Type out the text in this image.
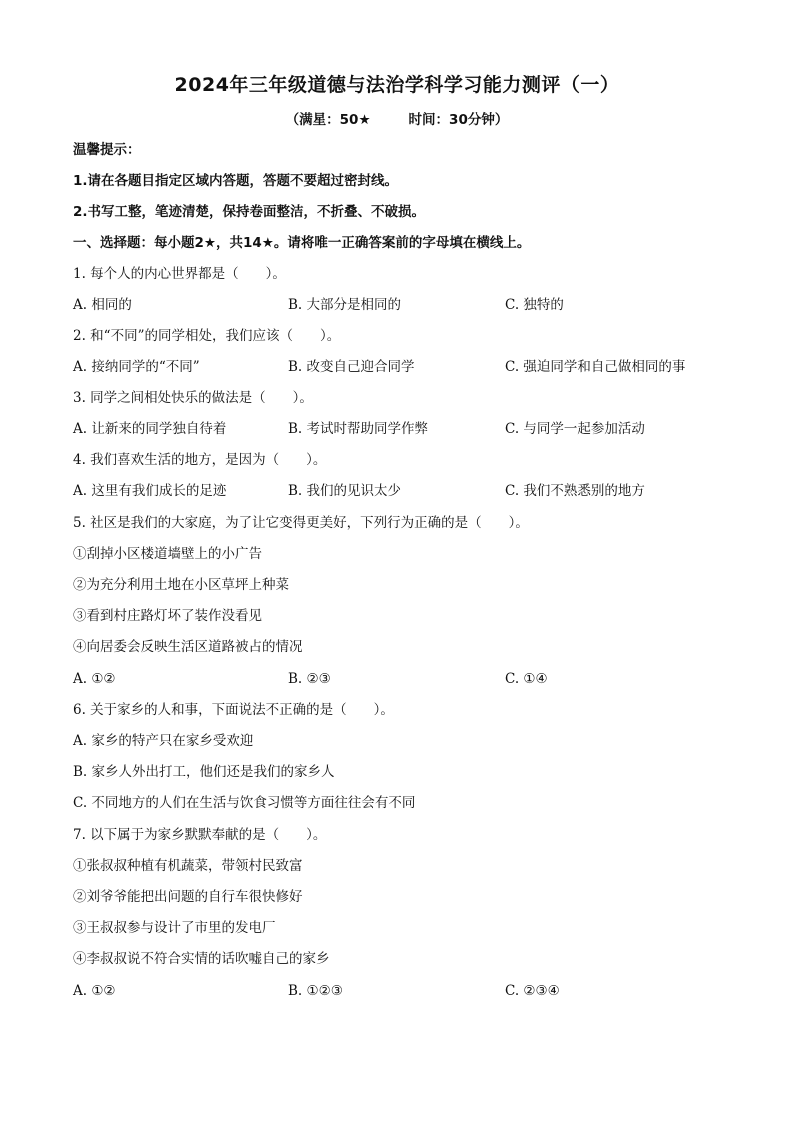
2024年三年级道德与法治学科学习能力测评（一）
（满星：50★	时间：30分钟）
温馨提示：
1.请在各题目指定区域内答题，答题不要超过密封线。
2.书写工整，笔迹清楚，保持卷面整洁，不折叠、不破损。
一、选择题：每小题2★，共14★。请将唯一正确答案前的字母填在横线上。
1. 每个人的内心世界都是（　　）。
A. 相同的	B. 大部分是相同的	C. 独特的
2. 和“不同”的同学相处，我们应该（　　）。
A. 接纳同学的“不同”	B. 改变自己迎合同学	C. 强迫同学和自己做相同的事
3. 同学之间相处快乐的做法是（　　）。
A. 让新来的同学独自待着	B. 考试时帮助同学作弊	C. 与同学一起参加活动
4. 我们喜欢生活的地方，是因为（　　）。
A. 这里有我们成长的足迹	B. 我们的见识太少	C. 我们不熟悉别的地方
5. 社区是我们的大家庭，为了让它变得更美好，下列行为正确的是（　　）。
①刮掉小区楼道墙壁上的小广告
②为充分利用土地在小区草坪上种菜
③看到村庄路灯坏了装作没看见
④向居委会反映生活区道路被占的情况
A. ①②	B. ②③	C. ①④
6. 关于家乡的人和事，下面说法不正确的是（　　）。
A. 家乡的特产只在家乡受欢迎
B. 家乡人外出打工，他们还是我们的家乡人
C. 不同地方的人们在生活与饮食习惯等方面往往会有不同
7. 以下属于为家乡默默奉献的是（　　）。
①张叔叔种植有机蔬菜，带领村民致富
②刘爷爷能把出问题的自行车很快修好
③王叔叔参与设计了市里的发电厂
④李叔叔说不符合实情的话吹嘘自己的家乡
A. ①②	B. ①②③	C. ②③④
